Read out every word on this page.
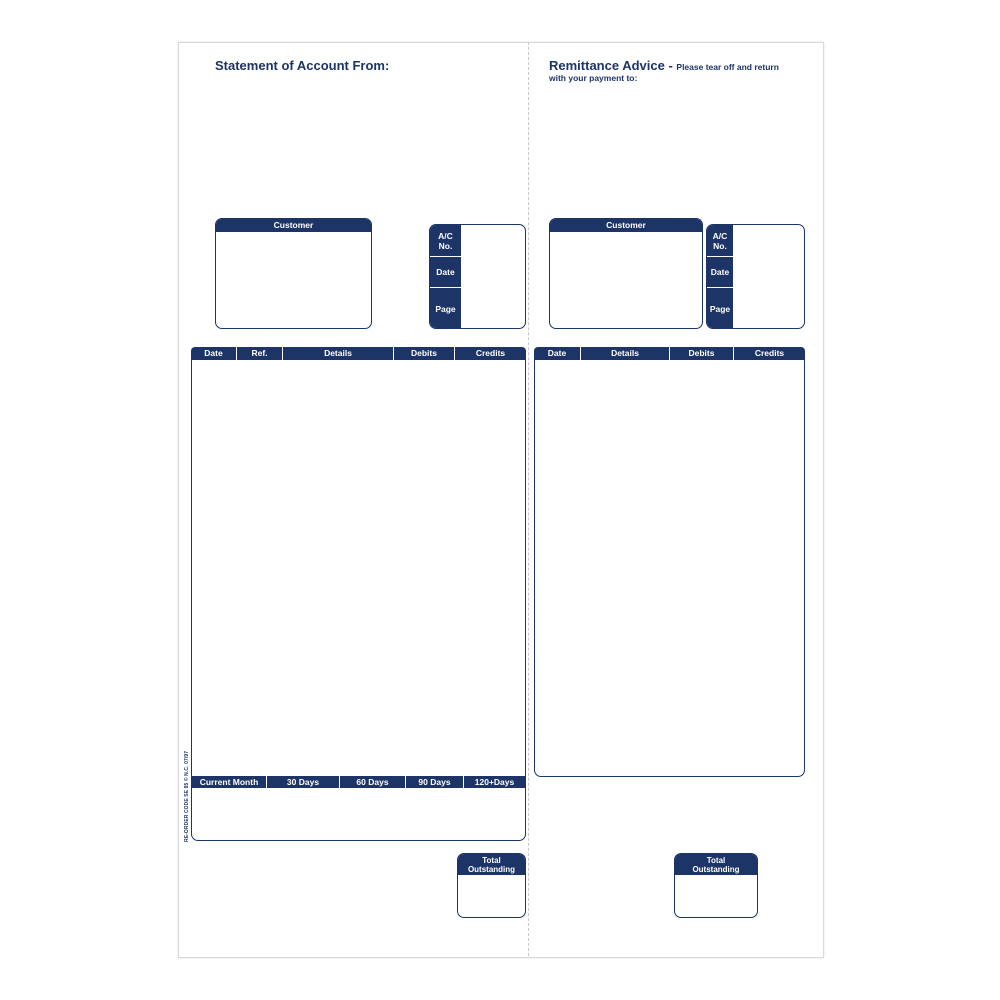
Statement of Account From:	Remittance Advice - Please tear off and return
with your payment to:
Customer
A/C
No.
Date
Page
Customer
A/C
No.
Date
Page
Date	Ref.	Details	Debits	Credits
Current Month	30 Days	60 Days	90 Days	120+Days
Date	Details	Debits	Credits
Total
Outstanding
Total
Outstanding
RE-ORDER CODE SE 85 © N.C. 07/97
